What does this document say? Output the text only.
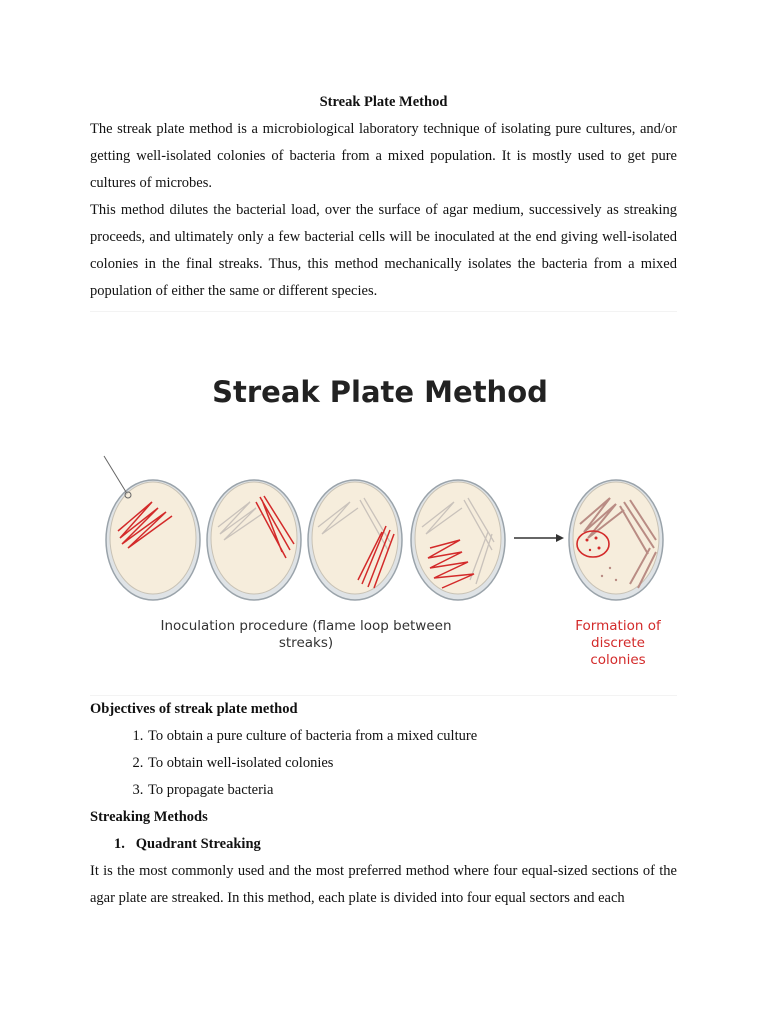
Streak Plate Method

The streak plate method is a microbiological laboratory technique of isolating pure cultures, and/or getting well-isolated colonies of bacteria from a mixed population. It is mostly used to get pure cultures of microbes.

This method dilutes the bacterial load, over the surface of agar medium, successively as streaking proceeds, and ultimately only a few bacterial cells will be inoculated at the end giving well-isolated colonies in the final streaks. Thus, this method mechanically isolates the bacteria from a mixed population of either the same or different species.

Streak Plate Method
Inoculation procedure (flame loop between
streaks)
Formation of
discrete
colonies
Objectives of streak plate method
1. To obtain a pure culture of bacteria from a mixed culture
2. To obtain well-isolated colonies
3. To propagate bacteria
Streaking Methods
1. Quadrant Streaking

It is the most commonly used and the most preferred method where four equal-sized sections of the agar plate are streaked. In this method, each plate is divided into four equal sectors and each
